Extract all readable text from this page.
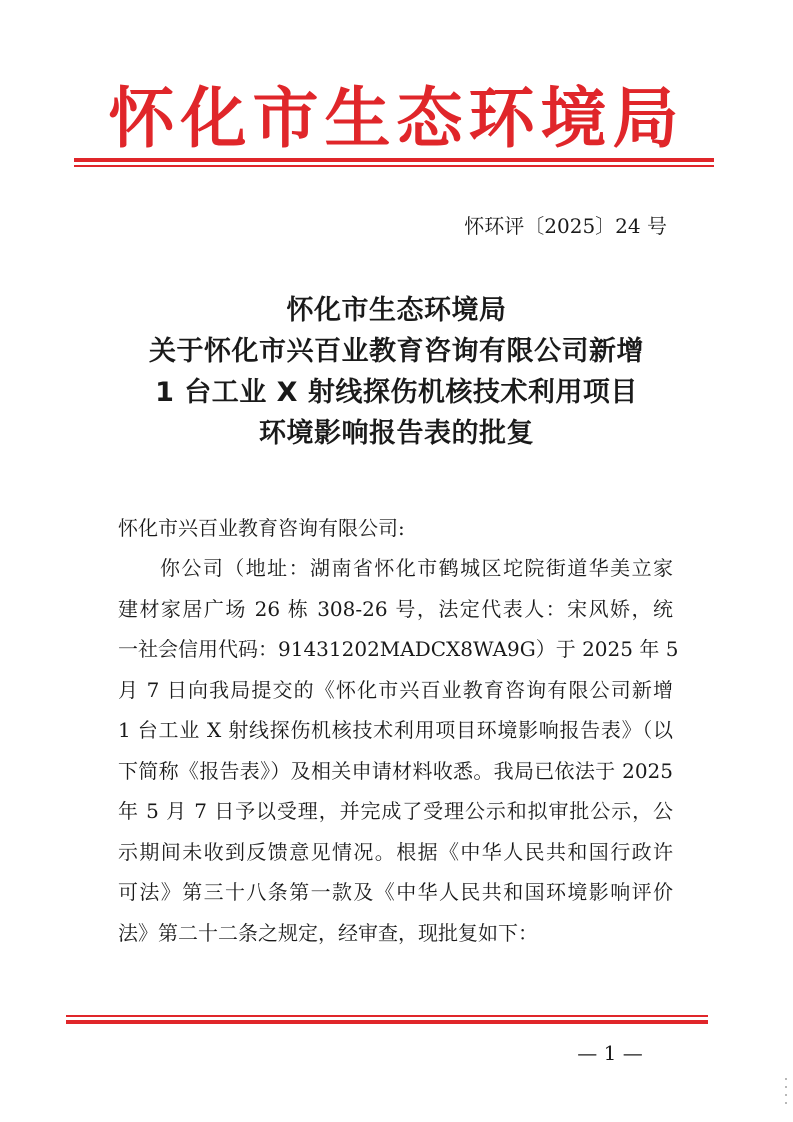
怀化市生态环境局
怀环评〔2025〕24 号
怀化市生态环境局
关于怀化市兴百业教育咨询有限公司新增
1 台工业 X 射线探伤机核技术利用项目
环境影响报告表的批复
怀化市兴百业教育咨询有限公司:
你公司（地址：湖南省怀化市鹤城区坨院街道华美立家
建材家居广场 26 栋 308-26 号，法定代表人：宋风娇，统
一社会信用代码：91431202MADCX8WA9G）于 2025 年 5
月 7 日向我局提交的《怀化市兴百业教育咨询有限公司新增
1 台工业 X 射线探伤机核技术利用项目环境影响报告表》（以
下简称《报告表》）及相关申请材料收悉。我局已依法于 2025
年 5 月 7 日予以受理，并完成了受理公示和拟审批公示，公
示期间未收到反馈意见情况。根据《中华人民共和国行政许
可法》第三十八条第一款及《中华人民共和国环境影响评价
法》第二十二条之规定，经审查，现批复如下：
— 1 —
